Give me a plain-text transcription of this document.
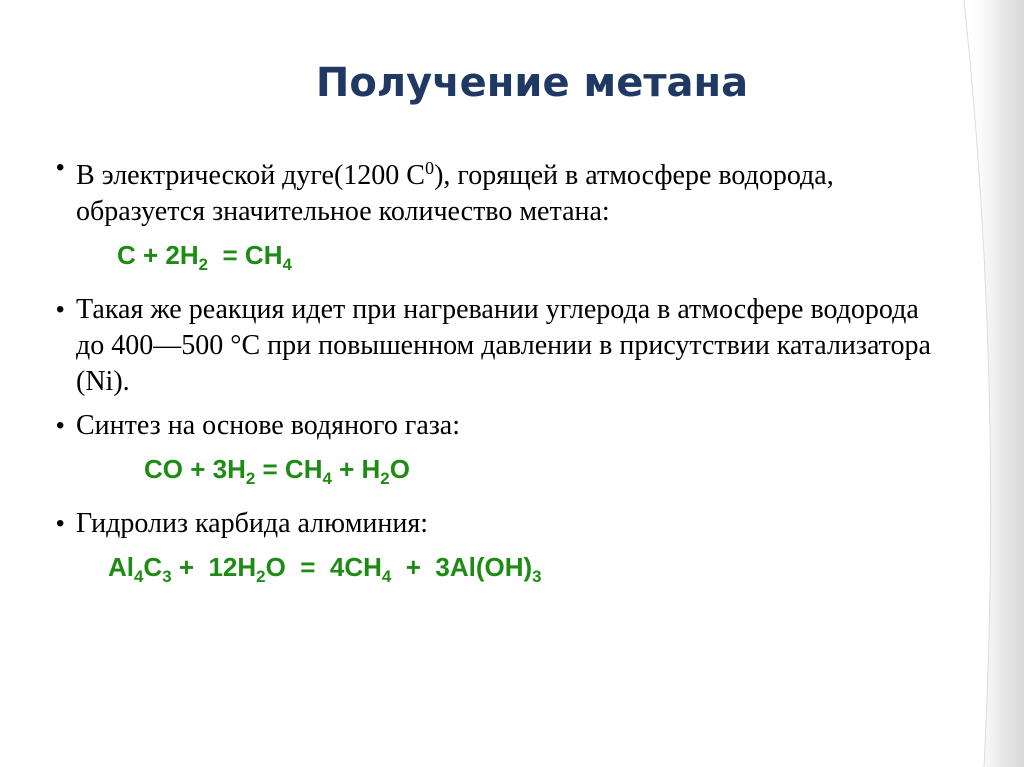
Получение метана
• В электрической дуге(1200 $С^0$), горящей в атмосфере водорода, образуется значительное количество метана:
$C + 2H_2 = CH_4$
• Такая же реакция идет при нагревании углерода в атмосфере водорода до 400—500 °С при повышенном давлении в присутствии катализатора (Ni).
• Синтез на основе водяного газа:
CO + $3H_2 = CH_4 + H_2O$
• Гидролиз карбида алюминия:
$Al_4C_3 + 12H_2O = 4CH_4 + 3Al(OH)_3$
